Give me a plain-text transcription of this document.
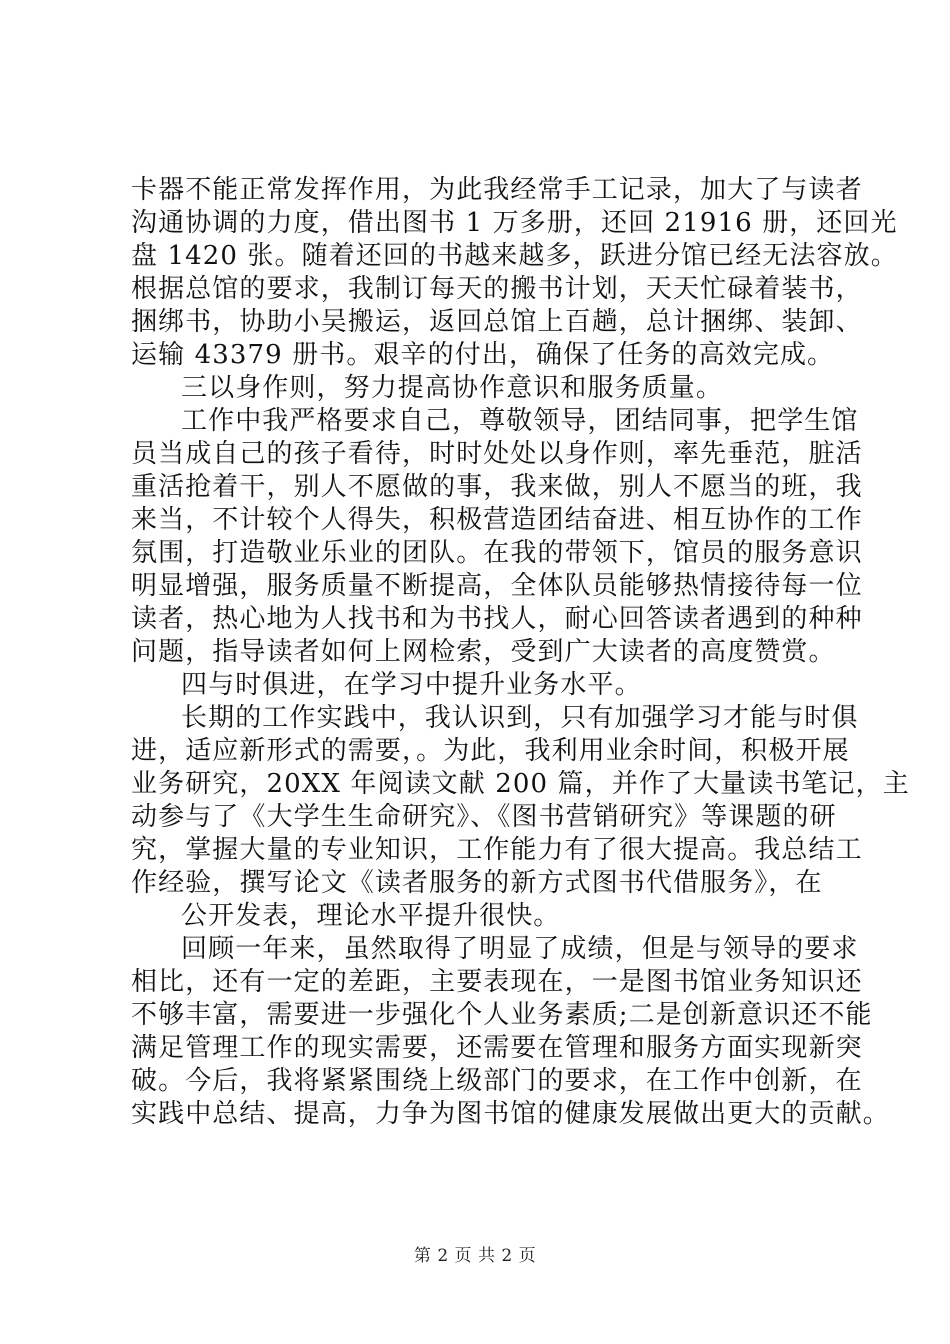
卡器不能正常发挥作用，为此我经常手工记录，加大了与读者
沟通协调的力度，借出图书 1 万多册，还回 21916 册，还回光
盘 1420 张。随着还回的书越来越多，跃进分馆已经无法容放。
根据总馆的要求，我制订每天的搬书计划，天天忙碌着装书，
捆绑书，协助小吴搬运，返回总馆上百趟，总计捆绑、装卸、
运输 43379 册书。艰辛的付出，确保了任务的高效完成。
三以身作则，努力提高协作意识和服务质量。
工作中我严格要求自己，尊敬领导，团结同事，把学生馆
员当成自己的孩子看待，时时处处以身作则，率先垂范，脏活
重活抢着干，别人不愿做的事，我来做，别人不愿当的班，我
来当，不计较个人得失，积极营造团结奋进、相互协作的工作
氛围，打造敬业乐业的团队。在我的带领下，馆员的服务意识
明显增强，服务质量不断提高，全体队员能够热情接待每一位
读者，热心地为人找书和为书找人，耐心回答读者遇到的种种
问题，指导读者如何上网检索，受到广大读者的高度赞赏。
四与时俱进，在学习中提升业务水平。
长期的工作实践中，我认识到，只有加强学习才能与时俱
进，适应新形式的需要，。为此，我利用业余时间，积极开展
业务研究，20XX 年阅读文献 200 篇，并作了大量读书笔记，主
动参与了《大学生生命研究》、《图书营销研究》等课题的研
究，掌握大量的专业知识，工作能力有了很大提高。我总结工
作经验，撰写论文《读者服务的新方式图书代借服务》，在
公开发表，理论水平提升很快。
回顾一年来，虽然取得了明显了成绩，但是与领导的要求
相比，还有一定的差距，主要表现在，一是图书馆业务知识还
不够丰富，需要进一步强化个人业务素质;二是创新意识还不能
满足管理工作的现实需要，还需要在管理和服务方面实现新突
破。今后，我将紧紧围绕上级部门的要求，在工作中创新，在
实践中总结、提高，力争为图书馆的健康发展做出更大的贡献。
第 2 页 共 2 页
